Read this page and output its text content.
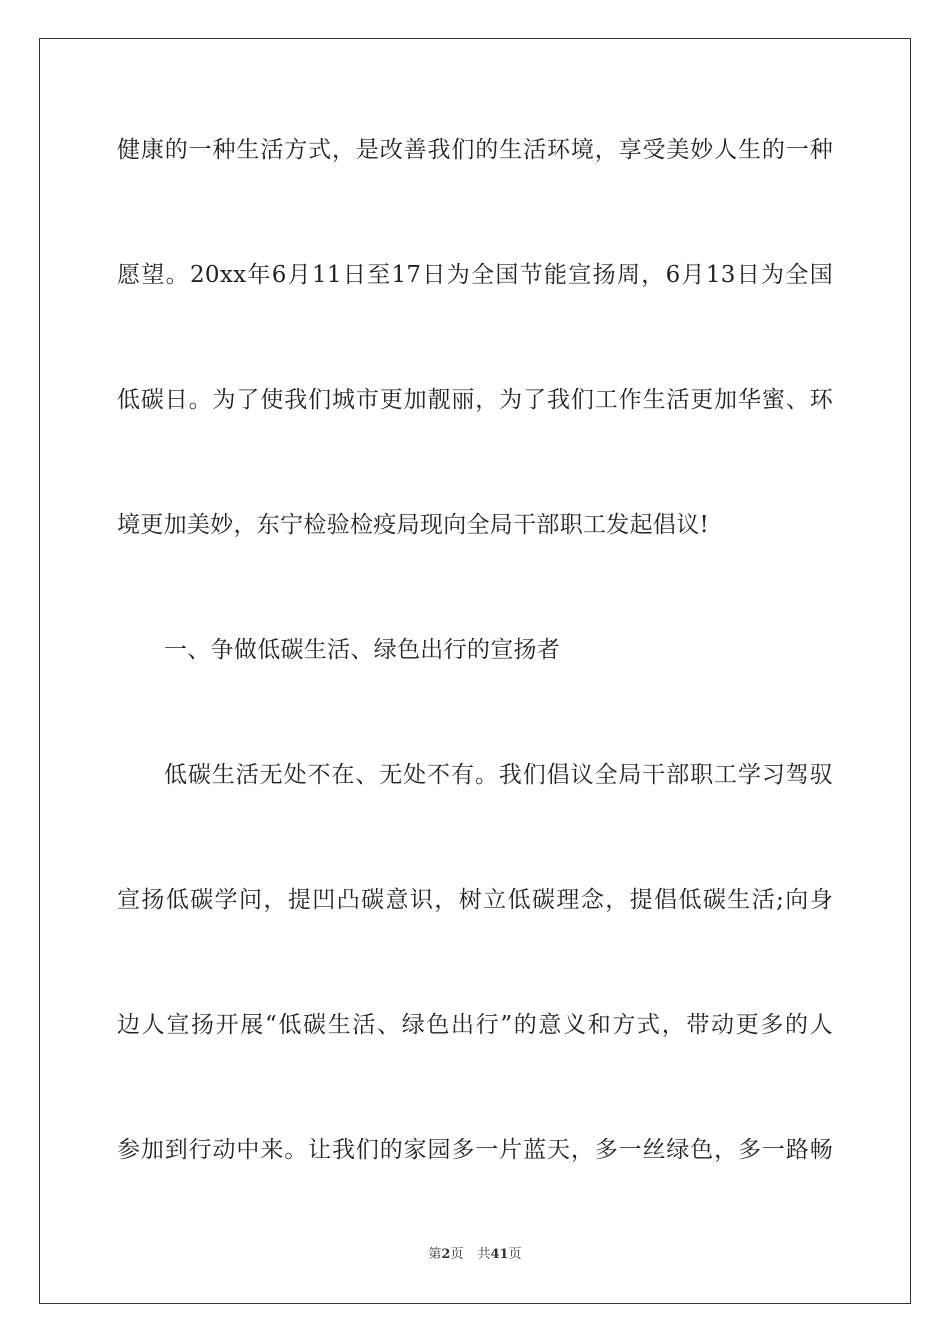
健康的一种生活方式，是改善我们的生活环境，享受美妙人生的一种
愿望。20xx年6月11日至17日为全国节能宣扬周，6月13日为全国
低碳日。为了使我们城市更加靓丽，为了我们工作生活更加华蜜、环
境更加美妙，东宁检验检疫局现向全局干部职工发起倡议!
一、争做低碳生活、绿色出行的宣扬者
低碳生活无处不在、无处不有。我们倡议全局干部职工学习驾驭
宣扬低碳学问，提凹凸碳意识，树立低碳理念，提倡低碳生活;向身
边人宣扬开展“低碳生活、绿色出行”的意义和方式，带动更多的人
参加到行动中来。让我们的家园多一片蓝天，多一丝绿色，多一路畅
第2页 共41页
